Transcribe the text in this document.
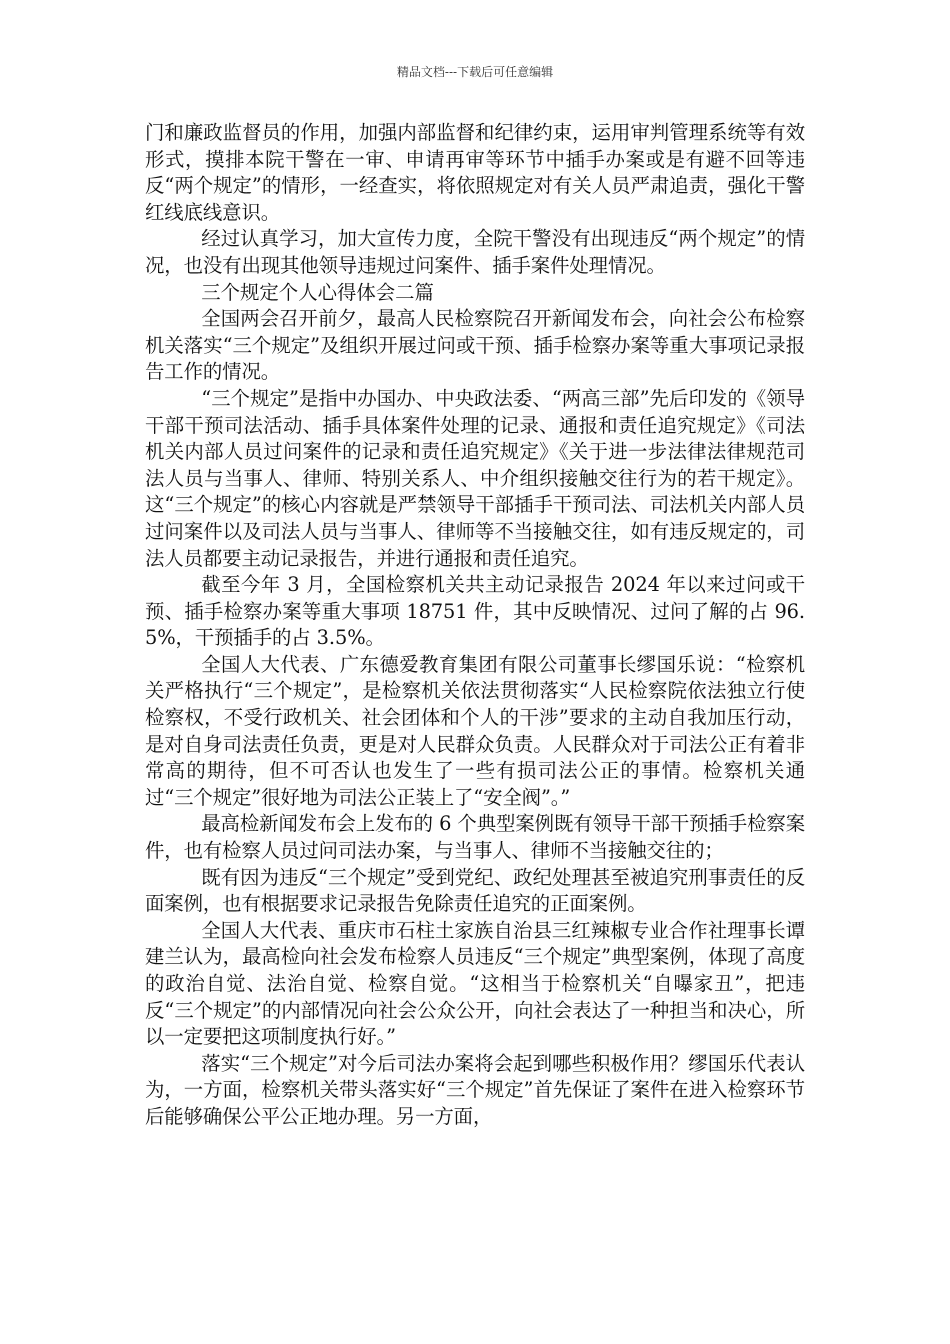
精品文档---下载后可任意编辑

门和廉政监督员的作用，加强内部监督和纪律约束，运用审判管理系统等有效形式，摸排本院干警在一审、申请再审等环节中插手办案或是有避不回等违反“两个规定”的情形，一经查实，将依照规定对有关人员严肃追责，强化干警红线底线意识。

经过认真学习，加大宣传力度，全院干警没有出现违反“两个规定”的情况，也没有出现其他领导违规过问案件、插手案件处理情况。

三个规定个人心得体会二篇

全国两会召开前夕，最高人民检察院召开新闻发布会，向社会公布检察机关落实“三个规定”及组织开展过问或干预、插手检察办案等重大事项记录报告工作的情况。

“三个规定”是指中办国办、中央政法委、“两高三部”先后印发的《领导干部干预司法活动、插手具体案件处理的记录、通报和责任追究规定》《司法机关内部人员过问案件的记录和责任追究规定》《关于进一步法律法律规范司法人员与当事人、律师、特别关系人、中介组织接触交往行为的若干规定》。这“三个规定”的核心内容就是严禁领导干部插手干预司法、司法机关内部人员过问案件以及司法人员与当事人、律师等不当接触交往，如有违反规定的，司法人员都要主动记录报告，并进行通报和责任追究。

截至今年 3 月，全国检察机关共主动记录报告 2024 年以来过问或干预、插手检察办案等重大事项 18751 件，其中反映情况、过问了解的占 96.5%，干预插手的占 3.5%。

全国人大代表、广东德爱教育集团有限公司董事长缪国乐说：“检察机关严格执行“三个规定”，是检察机关依法贯彻落实“人民检察院依法独立行使检察权，不受行政机关、社会团体和个人的干涉”要求的主动自我加压行动，是对自身司法责任负责，更是对人民群众负责。人民群众对于司法公正有着非常高的期待，但不可否认也发生了一些有损司法公正的事情。检察机关通过“三个规定”很好地为司法公正装上了“安全阀”。”

最高检新闻发布会上发布的 6 个典型案例既有领导干部干预插手检察案件，也有检察人员过问司法办案，与当事人、律师不当接触交往的；

既有因为违反“三个规定”受到党纪、政纪处理甚至被追究刑事责任的反面案例，也有根据要求记录报告免除责任追究的正面案例。

全国人大代表、重庆市石柱土家族自治县三红辣椒专业合作社理事长谭建兰认为，最高检向社会发布检察人员违反“三个规定”典型案例，体现了高度的政治自觉、法治自觉、检察自觉。“这相当于检察机关“自曝家丑”，把违反“三个规定”的内部情况向社会公众公开，向社会表达了一种担当和决心，所以一定要把这项制度执行好。”

落实“三个规定”对今后司法办案将会起到哪些积极作用？缪国乐代表认为，一方面，检察机关带头落实好“三个规定”首先保证了案件在进入检察环节后能够确保公平公正地办理。另一方面，
